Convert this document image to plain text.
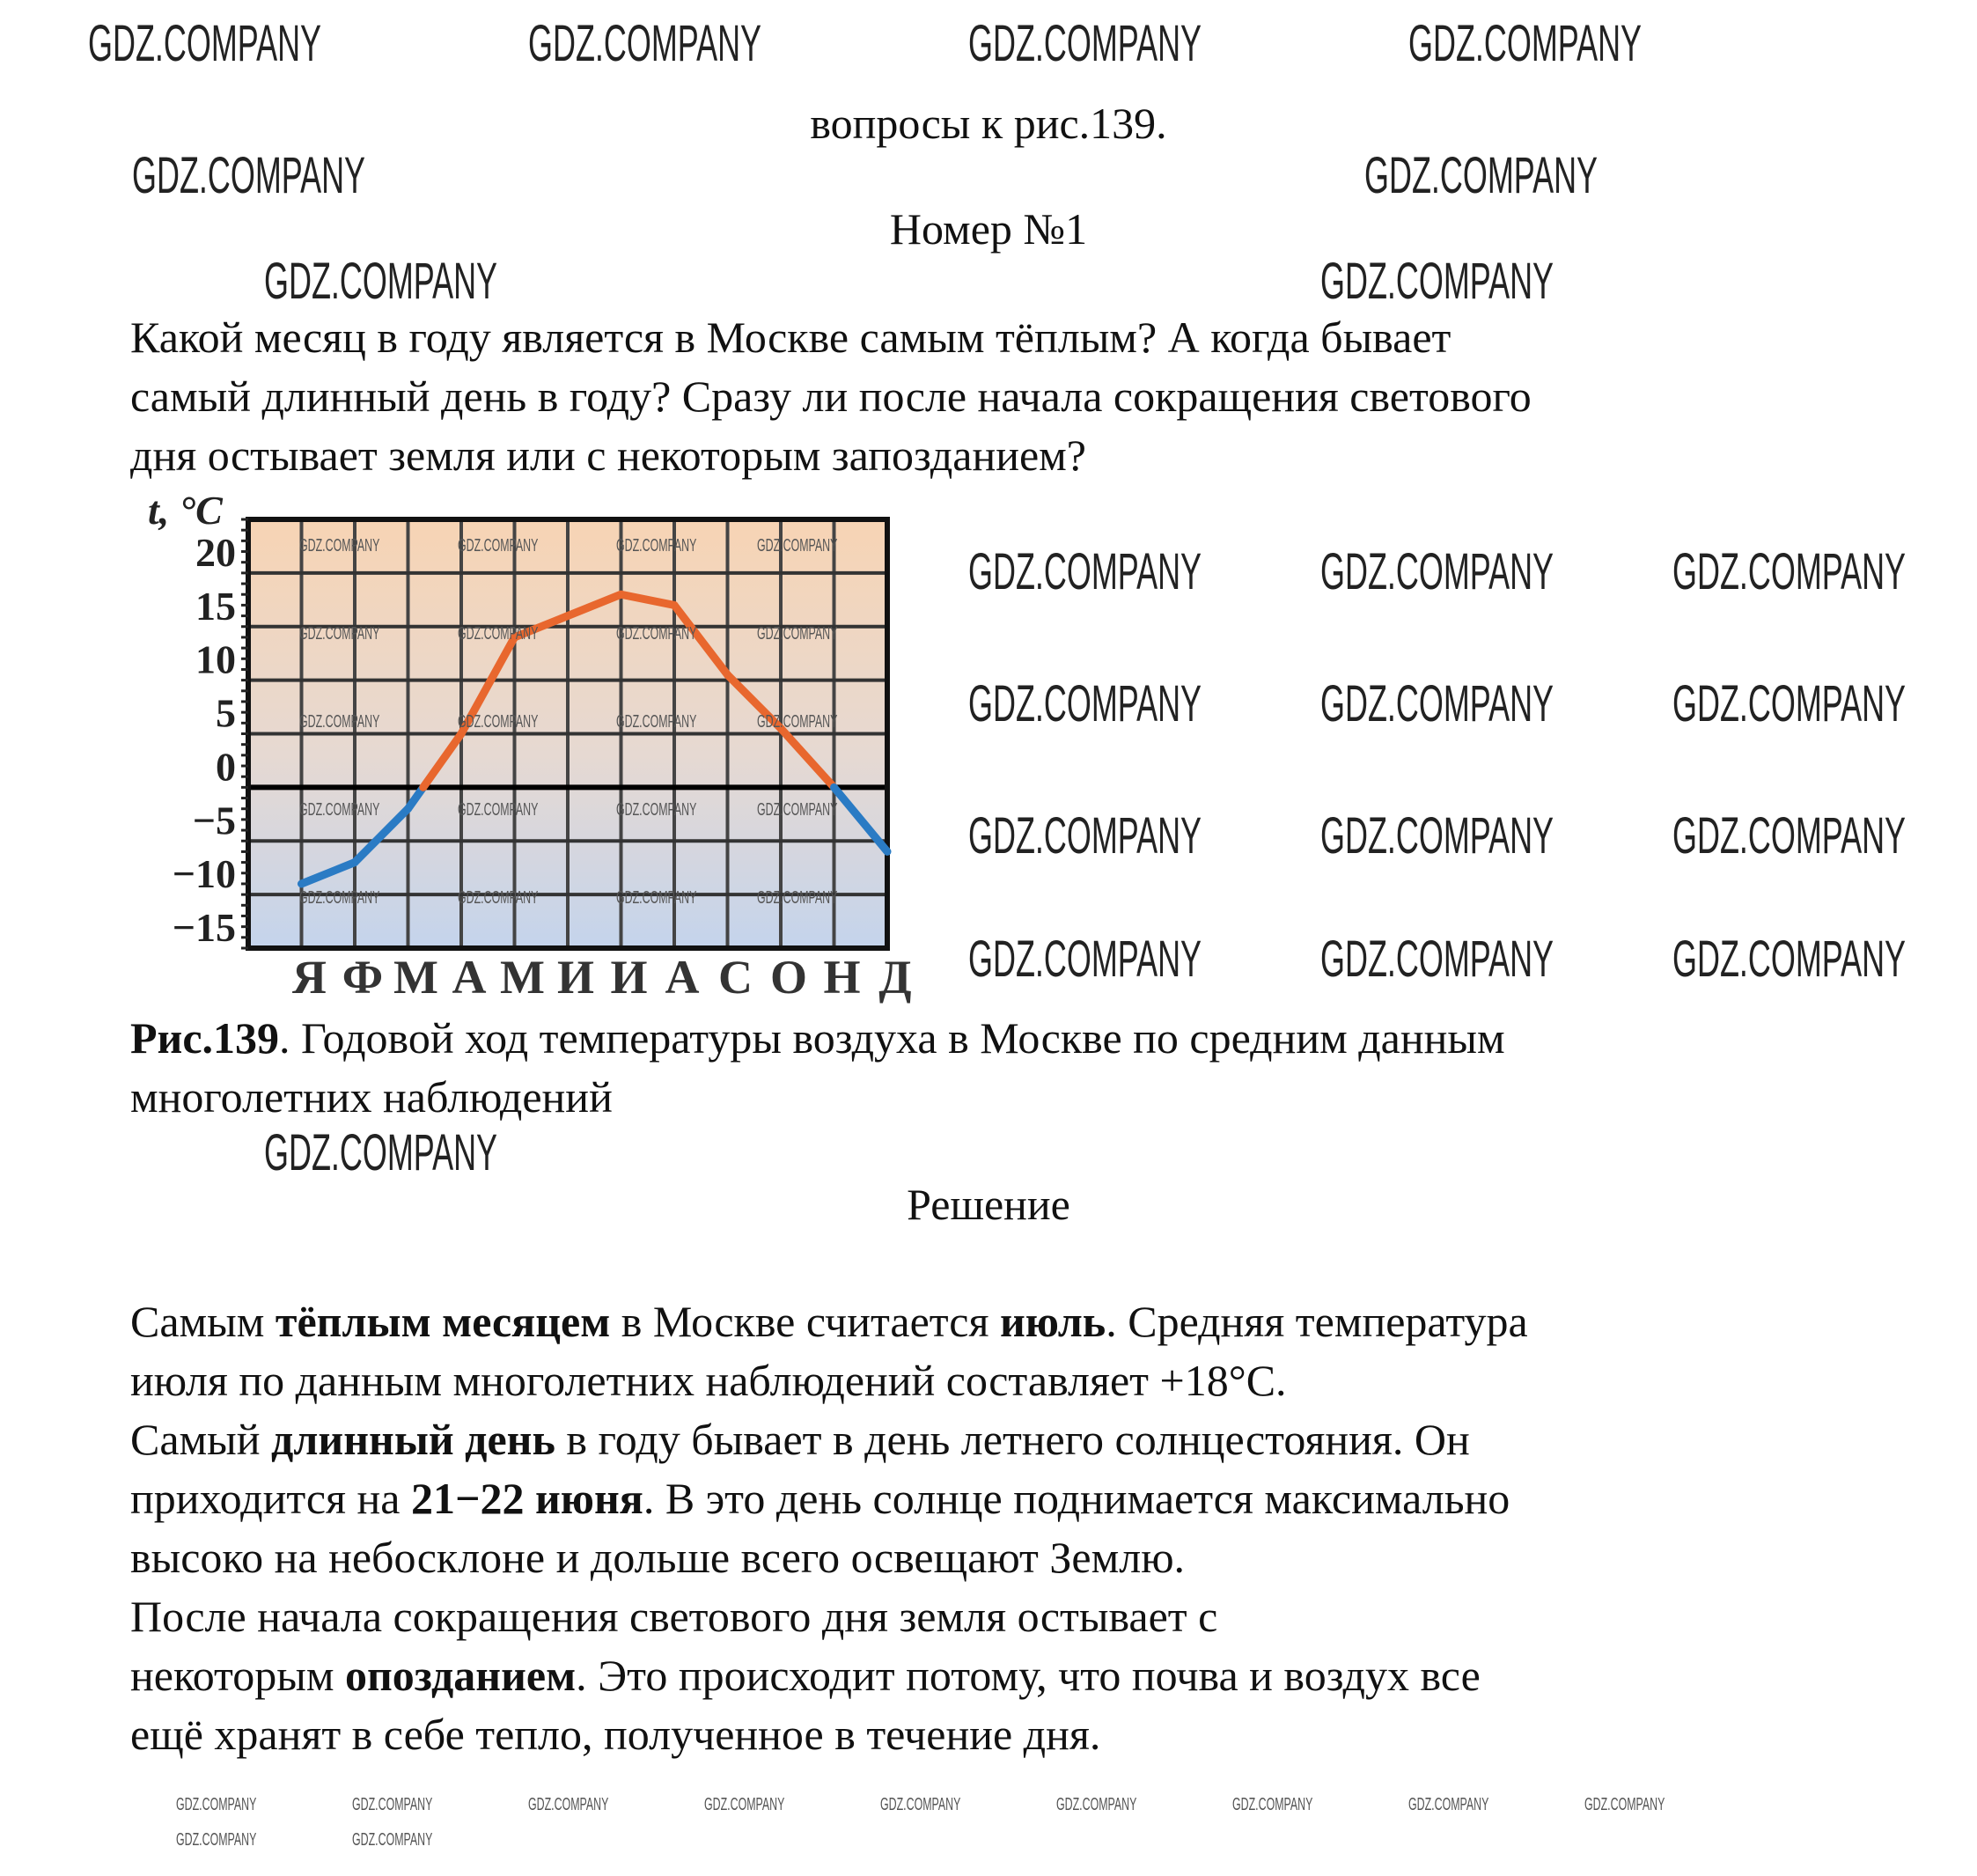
вопросы к рис.139.
Номер №1
Какой месяц в году является в Москве самым тёплым? А когда бывает
самый длинный день в году? Сразу ли после начала сокращения светового
дня остывает земля или с некоторым запозданием?
20
15
10
5
0
−5
−10
−15
t, °C
Я Ф М А М И И А С О Н Д
Рис.139. Годовой ход температуры воздуха в Москве по средним данным
многолетних наблюдений
Решение
Самым тёплым месяцем в Москве считается июль. Средняя температура
июля по данным многолетних наблюдений составляет +18°С.
Самый длинный день в году бывает в день летнего солнцестояния. Он
приходится на 21−22 июня. В это день солнце поднимается максимально
высоко на небосклоне и дольше всего освещают Землю.
После начала сокращения светового дня земля остывает с
некоторым опозданием. Это происходит потому, что почва и воздух все
ещё хранят в себе тепло, полученное в течение дня.
GDZ.COMPANY	GDZ.COMPANY	GDZ.COMPANY	GDZ.COMPANY
GDZ.COMPANY	GDZ.COMPANY
GDZ.COMPANY	GDZ.COMPANY
GDZ.COMPANY GDZ.COMPANY GDZ.COMPANY
GDZ.COMPANY GDZ.COMPANY GDZ.COMPANY
GDZ.COMPANY GDZ.COMPANY GDZ.COMPANY
GDZ.COMPANY GDZ.COMPANY GDZ.COMPANY
GDZ.COMPANY
GDZ.COMPANY	GDZ.COMPANY	GDZ.COMPANY	GDZ.COMPANY
GDZ.COMPANY	GDZ.COMPANY	GDZ.COMPANY	GDZ.COMPANY
GDZ.COMPANY	GDZ.COMPANY	GDZ.COMPANY	GDZ.COMPANY
GDZ.COMPANY	GDZ.COMPANY	GDZ.COMPANY	GDZ.COMPANY
GDZ.COMPANY	GDZ.COMPANY	GDZ.COMPANY	GDZ.COMPANY
GDZ.COMPANY	GDZ.COMPANY	GDZ.COMPANY	GDZ.COMPANY	GDZ.COMPANY	GDZ.COMPANY	GDZ.COMPANY	GDZ.COMPANY	GDZ.COMPANY
GDZ.COMPANY	GDZ.COMPANY
